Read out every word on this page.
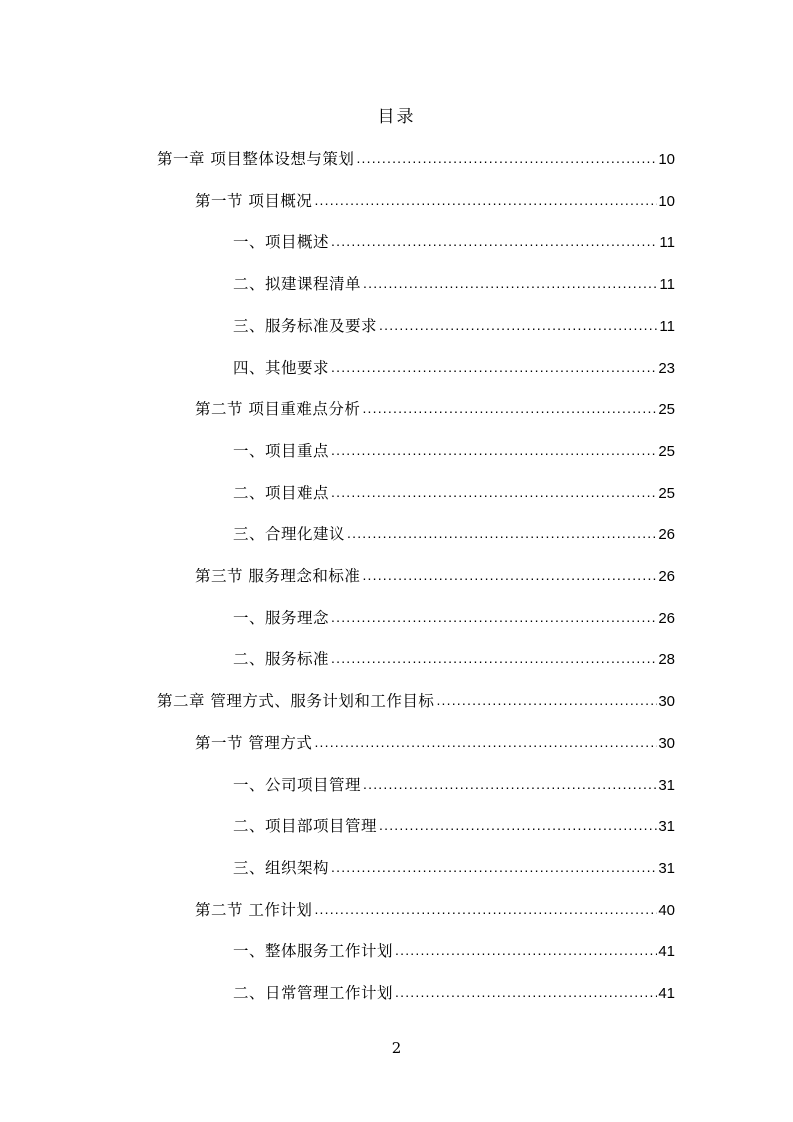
目录
第一章 项目整体设想与策划 .....	10
第一节 项目概况 .....	10
一、项目概述 .....	11
二、拟建课程清单 .....	11
三、服务标准及要求 .....	11
四、其他要求 .....	23
第二节 项目重难点分析 .....	25
一、项目重点 .....	25
二、项目难点 .....	25
三、合理化建议 .....	26
第三节 服务理念和标准 .....	26
一、服务理念 .....	26
二、服务标准 .....	28
第二章 管理方式、服务计划和工作目标 .....	30
第一节 管理方式 .....	30
一、公司项目管理 .....	31
二、项目部项目管理 .....	31
三、组织架构 .....	31
第二节 工作计划 .....	40
一、整体服务工作计划 .....	41
二、日常管理工作计划 .....	41
2
